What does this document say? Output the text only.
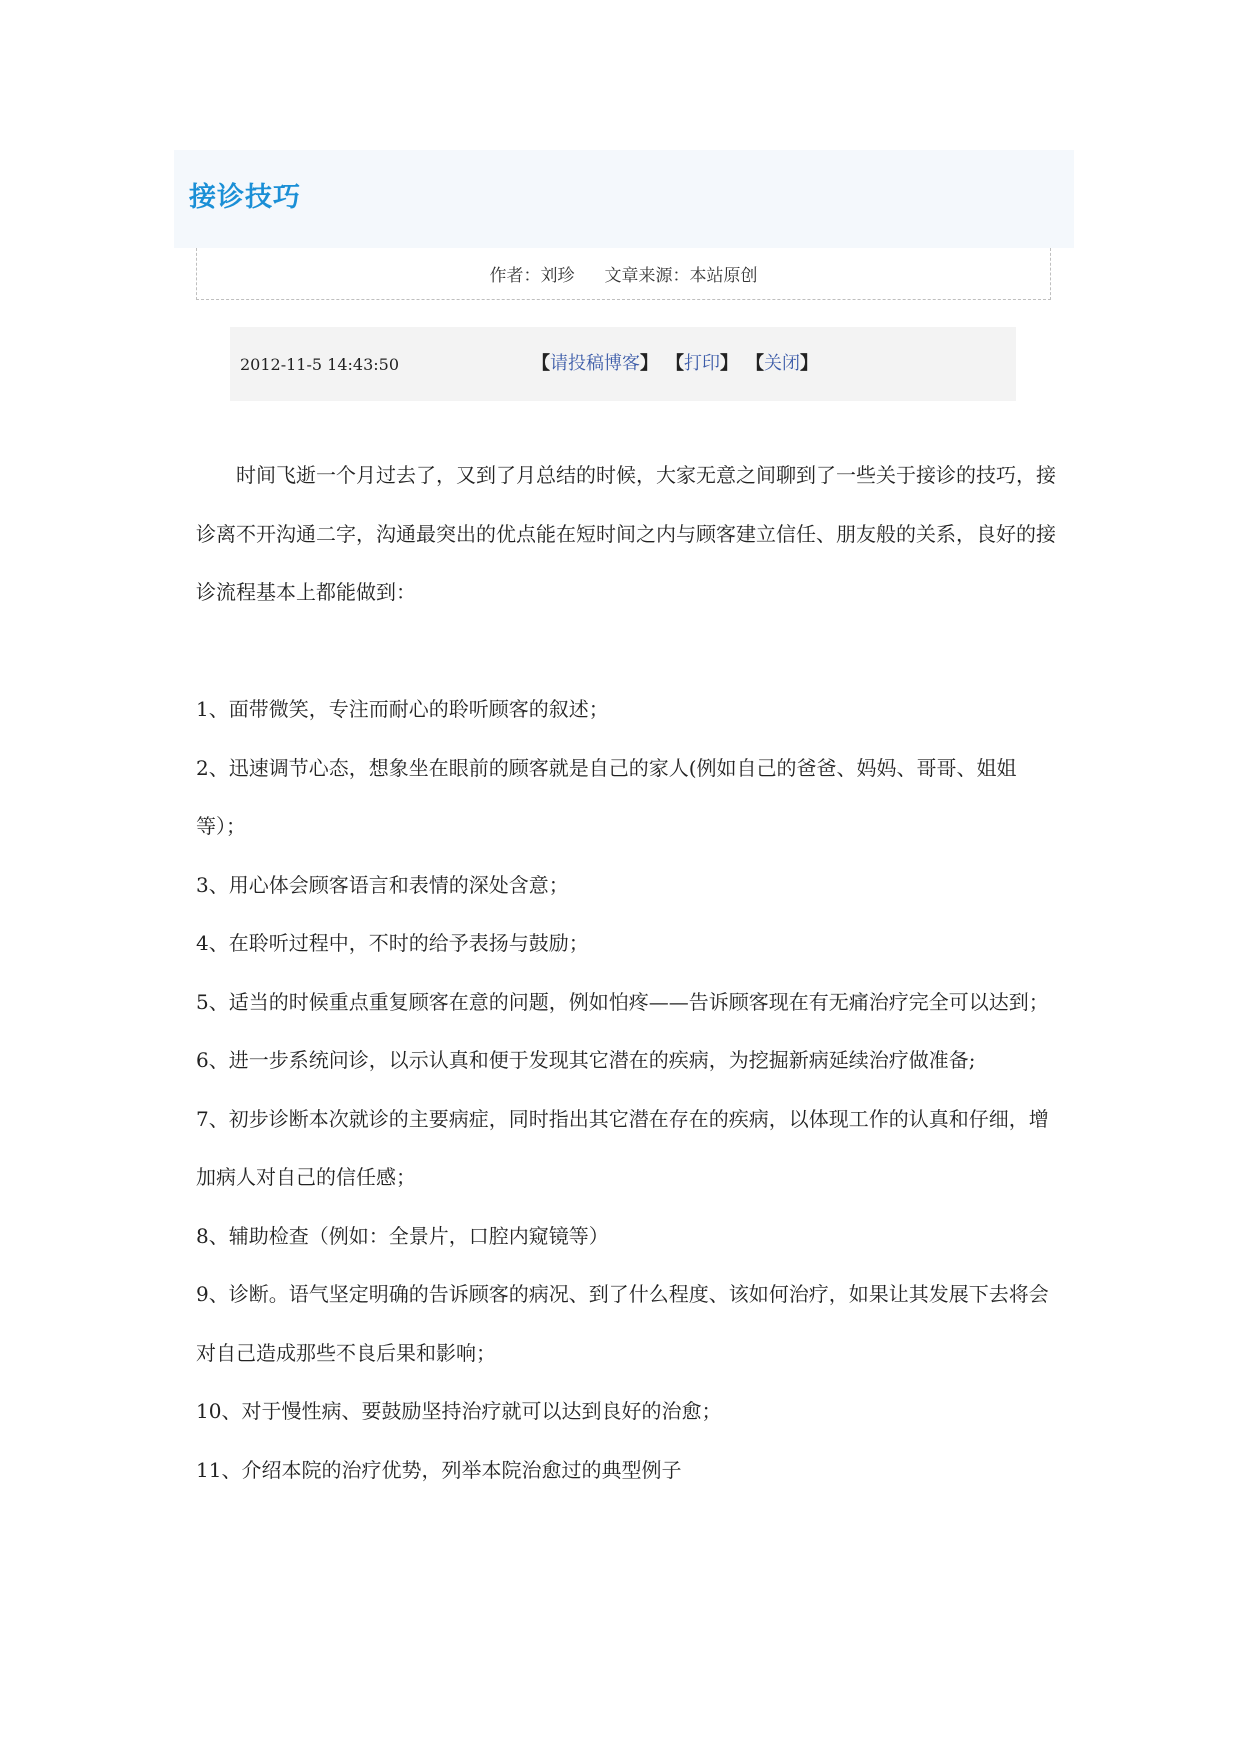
接诊技巧
作者：刘珍 文章来源：本站原创
2012-11-5 14:43:50	【请投稿博客】 【打印】 【关闭】

时间飞逝一个月过去了，又到了月总结的时候，大家无意之间聊到了一些关于接诊的技巧，接诊离不开沟通二字，沟通最突出的优点能在短时间之内与顾客建立信任、朋友般的关系，良好的接诊流程基本上都能做到：

1、面带微笑，专注而耐心的聆听顾客的叙述；

2、迅速调节心态，想象坐在眼前的顾客就是自己的家人(例如自己的爸爸、妈妈、哥哥、姐姐等）；

3、用心体会顾客语言和表情的深处含意；

4、在聆听过程中，不时的给予表扬与鼓励；

5、适当的时候重点重复顾客在意的问题，例如怕疼——告诉顾客现在有无痛治疗完全可以达到；

6、进一步系统问诊，以示认真和便于发现其它潜在的疾病，为挖掘新病延续治疗做准备;

7、初步诊断本次就诊的主要病症，同时指出其它潜在存在的疾病，以体现工作的认真和仔细，增加病人对自己的信任感；

8、辅助检查（例如：全景片，口腔内窥镜等）

9、诊断。语气坚定明确的告诉顾客的病况、到了什么程度、该如何治疗，如果让其发展下去将会对自己造成那些不良后果和影响；

10、对于慢性病、要鼓励坚持治疗就可以达到良好的治愈；

11、介绍本院的治疗优势，列举本院治愈过的典型例子
